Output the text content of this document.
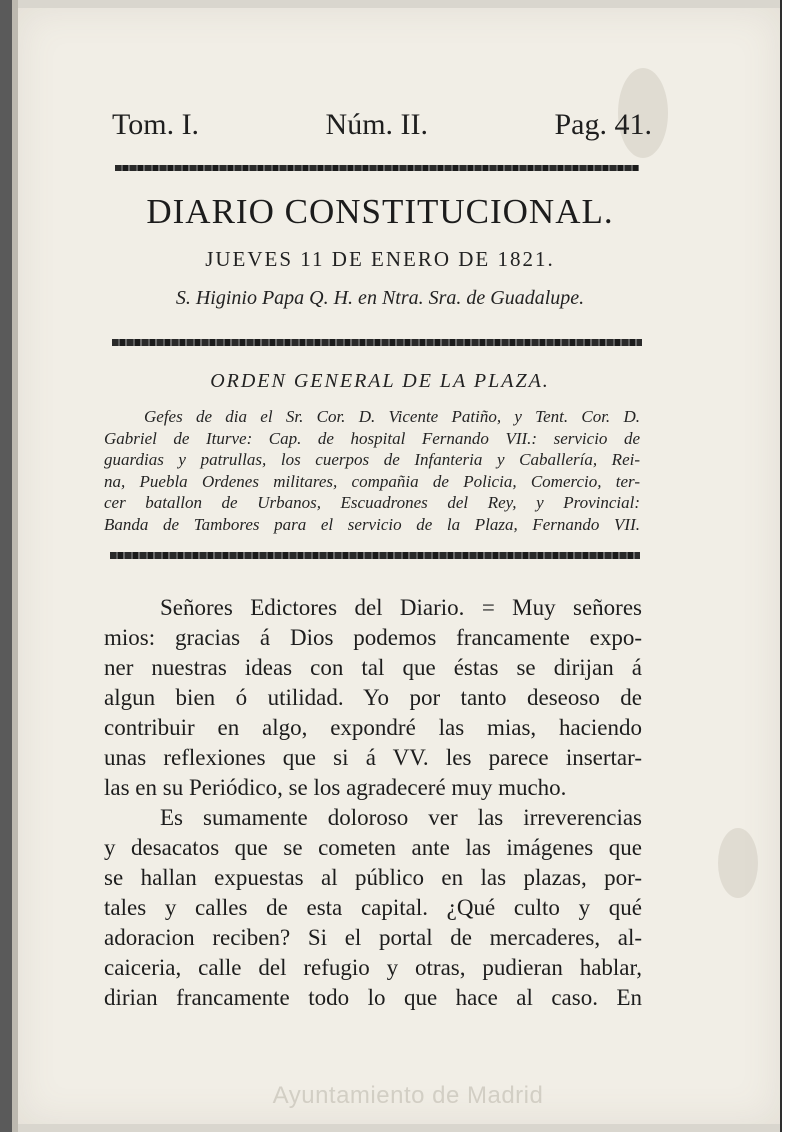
Tom. I.	Núm. II.	Pag. 41.
DIARIO CONSTITUCIONAL.
JUEVES 11 DE ENERO DE 1821.
S. Higinio Papa Q. H. en Ntra. Sra. de Guadalupe.
ORDEN GENERAL DE LA PLAZA.
Gefes de dia el Sr. Cor. D. Vicente Patiño, y Tent. Cor. D.
Gabriel de Iturve: Cap. de hospital Fernando VII.: servicio de
guardias y patrullas, los cuerpos de Infanteria y Caballería, Rei-
na, Puebla Ordenes militares, compañia de Policia, Comercio, ter-
cer batallon de Urbanos, Escuadrones del Rey, y Provincial:
Banda de Tambores para el servicio de la Plaza, Fernando VII.
Señores Edictores del Diario. = Muy señores
mios: gracias á Dios podemos francamente expo-
ner nuestras ideas con tal que éstas se dirijan á
algun bien ó utilidad. Yo por tanto deseoso de
contribuir en algo, expondré las mias, haciendo
unas reflexiones que si á VV. les parece insertar-
las en su Periódico, se los agradeceré muy mucho.
Es sumamente doloroso ver las irreverencias
y desacatos que se cometen ante las imágenes que
se hallan expuestas al público en las plazas, por-
tales y calles de esta capital. ¿Qué culto y qué
adoracion reciben? Si el portal de mercaderes, al-
caiceria, calle del refugio y otras, pudieran hablar,
dirian francamente todo lo que hace al caso. En
Ayuntamiento de Madrid
